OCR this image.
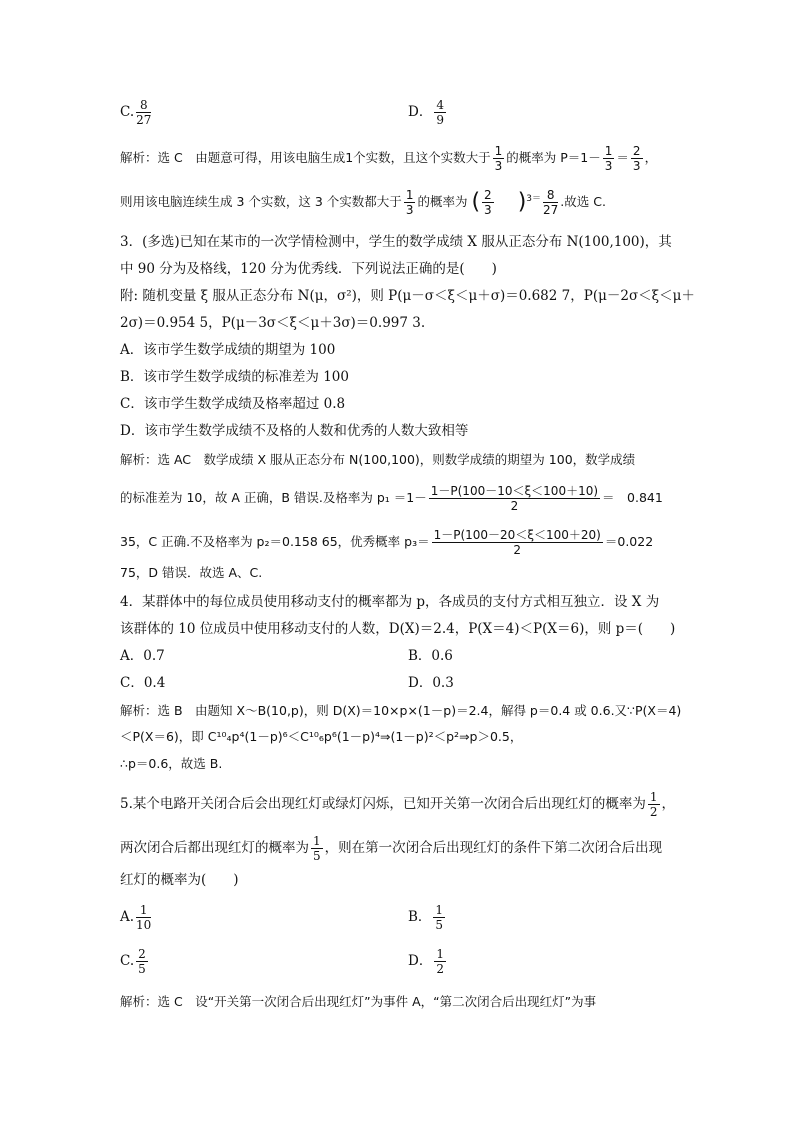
C. $\frac{8}{27}$	D． $\frac{4}{9}$
解析：选 C　由题意可得，用该电脑生成1个实数，且这个实数大于 $\frac{1}{3}$ 的概率为 $P=1- \frac{1}{3} = \frac{2}{3}$ ，
则用该电脑连续生成 3 个实数，这 3 个实数都大于 $\frac{1}{3}$ 的概率为 ( $\frac{2}{3} )^{3=} \frac{8}{27}$ .故选 C.
3．(多选)已知在某市的一次学情检测中，学生的数学成绩 X 服从正态分布 N(100,100)，其
中 90 分为及格线，120 分为优秀线．下列说法正确的是(　　)
附: 随机变量 ξ 服从正态分布 N(μ，σ²)，则 P(μ－σ＜ξ＜μ＋σ)＝0.682 7，P(μ－2σ＜ξ＜μ＋
2σ)＝0.954 5，P(μ－3σ＜ξ＜μ＋3σ)＝0.997 3.
A．该市学生数学成绩的期望为 100
B．该市学生数学成绩的标准差为 100
C．该市学生数学成绩及格率超过 0.8
D．该市学生数学成绩不及格的人数和优秀的人数大致相等
解析：选 AC　数学成绩 X 服从正态分布 N(100,100)，则数学成绩的期望为 100，数学成绩
的标准差为 10，故 A 正确，B 错误.及格率为 $p_1 =1- \frac{1-P(100-10<\xi<100+10)}{2}$ ＝　0.841
35，C 正确.不及格率为 p₂＝0.158 65，优秀概率 $p_3= \frac{1-P(100-20<\xi<100+20)}{2} =0.022$
75，D 错误．故选 A、C.
4．某群体中的每位成员使用移动支付的概率都为 p，各成员的支付方式相互独立．设 X 为
该群体的 10 位成员中使用移动支付的人数，D(X)＝2.4，P(X＝4)＜P(X＝6)，则 p＝(　　)
A．0.7	B．0.6
C．0.4	D．0.3
解析：选 B　由题知 X～B(10,p)，则 D(X)＝10×p×(1－p)＝2.4，解得 p＝0.4 或 0.6.又∵P(X＝4)
＜P(X＝6)，即 C¹⁰₄p⁴(1－p)⁶＜C¹⁰₆p⁶(1－p)⁴⇒(1－p)²＜p²⇒p＞0.5，
∴p＝0.6，故选 B.
5.某个电路开关闭合后会出现红灯或绿灯闪烁，已知开关第一次闭合后出现红灯的概率为 $\frac{1}{2}$ ，
两次闭合后都出现红灯的概率为 $\frac{1}{5}$ ，则在第一次闭合后出现红灯的条件下第二次闭合后出现
红灯的概率为(　　)
A. $\frac{1}{10}$	B． $\frac{1}{5}$
C. $\frac{2}{5}$	D． $\frac{1}{2}$
解析：选 C　设“开关第一次闭合后出现红灯”为事件 A，“第二次闭合后出现红灯”为事
